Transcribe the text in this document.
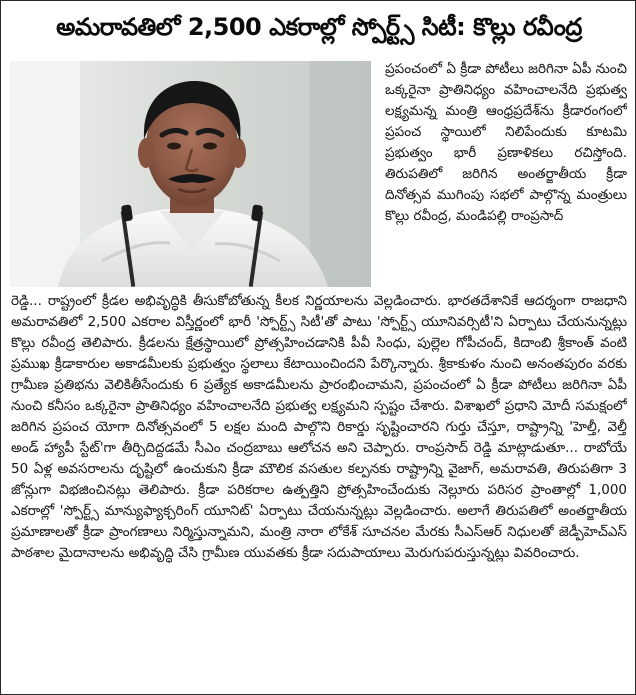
అమరావతిలో 2,500 ఎకరాల్లో స్పోర్ట్స్ సిటీ: కొల్లు రవీంద్ర

ప్రపంచంలో ఏ క్రీడా పోటీలు జరిగినా ఏపీ నుంచి ఒక్కరైనా ప్రాతినిధ్యం వహించాలనేది ప్రభుత్వ లక్ష్యమన్న మంత్రి ఆంధ్రప్రదేశ్‌ను క్రీడారంగంలో ప్రపంచ స్థాయిలో నిలిపేందుకు కూటమి ప్రభుత్వం భారీ ప్రణాళికలు రచిస్తోంది. తిరుపతిలో జరిగిన అంతర్జాతీయ క్రీడా దినోత్సవ ముగింపు సభలో పాల్గొన్న మంత్రులు కొల్లు రవీంద్ర, మండిపల్లి రాంప్రసాద్

రెడ్డి... రాష్ట్రంలో క్రీడల అభివృద్ధికి తీసుకోబోతున్న కీలక నిర్ణయాలను వెల్లడించారు. భారతదేశానికే ఆదర్శంగా రాజధాని అమరావతిలో 2,500 ఎకరాల విస్తీర్ణంలో భారీ 'స్పోర్ట్స్ సిటీ'తో పాటు 'స్పోర్ట్స్ యూనివర్సిటీ'ని ఏర్పాటు చేయనున్నట్లు కొల్లు రవీంద్ర తెలిపారు. క్రీడలను క్షేత్రస్థాయిలో ప్రోత్సహించడానికి పీవీ సింధు, పుల్లెల గోపీచంద్, కిదాంబి శ్రీకాంత్ వంటి ప్రముఖ క్రీడాకారుల అకాడమీలకు ప్రభుత్వం స్థలాలు కేటాయించిందని పేర్కొన్నారు. శ్రీకాకుళం నుంచి అనంతపురం వరకు గ్రామీణ ప్రతిభను వెలికితీసేందుకు 6 ప్రత్యేక అకాడమీలను ప్రారంభించామని, ప్రపంచంలో ఏ క్రీడా పోటీలు జరిగినా ఏపీ నుంచి కనీసం ఒక్కరైనా ప్రాతినిధ్యం వహించాలనేది ప్రభుత్వ లక్ష్యమని స్పష్టం చేశారు. విశాఖలో ప్రధాని మోదీ సమక్షంలో జరిగిన ప్రపంచ యోగా దినోత్సవంలో 5 లక్షల మంది పాల్గొని రికార్డు సృష్టించారని గుర్తు చేస్తూ, రాష్ట్రాన్ని 'హెల్తీ, వెల్తీ అండ్ హ్యాపీ స్టేట్'గా తీర్చిదిద్దడమే సీఎం చంద్రబాబు ఆలోచన అని చెప్పారు. రాంప్రసాద్ రెడ్డి మాట్లాడుతూ... రాబోయే 50 ఏళ్ల అవసరాలను దృష్టిలో ఉంచుకుని క్రీడా మౌలిక వసతుల కల్పనకు రాష్ట్రాన్ని వైజాగ్, అమరావతి, తిరుపతిగా 3 జోన్లుగా విభజించినట్లు తెలిపారు. క్రీడా పరికరాల ఉత్పత్తిని ప్రోత్సహించేందుకు నెల్లూరు పరిసర ప్రాంతాల్లో 1,000 ఎకరాల్లో 'స్పోర్ట్స్ మాన్యుఫ్యాక్చరింగ్ యూనిట్' ఏర్పాటు చేయనున్నట్లు వెల్లడించారు. అలాగే తిరుపతిలో అంతర్జాతీయ ప్రమాణాలతో క్రీడా ప్రాంగణాలు నిర్మిస్తున్నామని, మంత్రి నారా లోకేశ్ సూచనల మేరకు సీఎస్ఆర్ నిధులతో జెడ్పీహెచ్ఎస్ పాఠశాల మైదానాలను అభివృద్ధి చేసి గ్రామీణ యువతకు క్రీడా సదుపాయాలు మెరుగుపరుస్తున్నట్లు వివరించారు.
